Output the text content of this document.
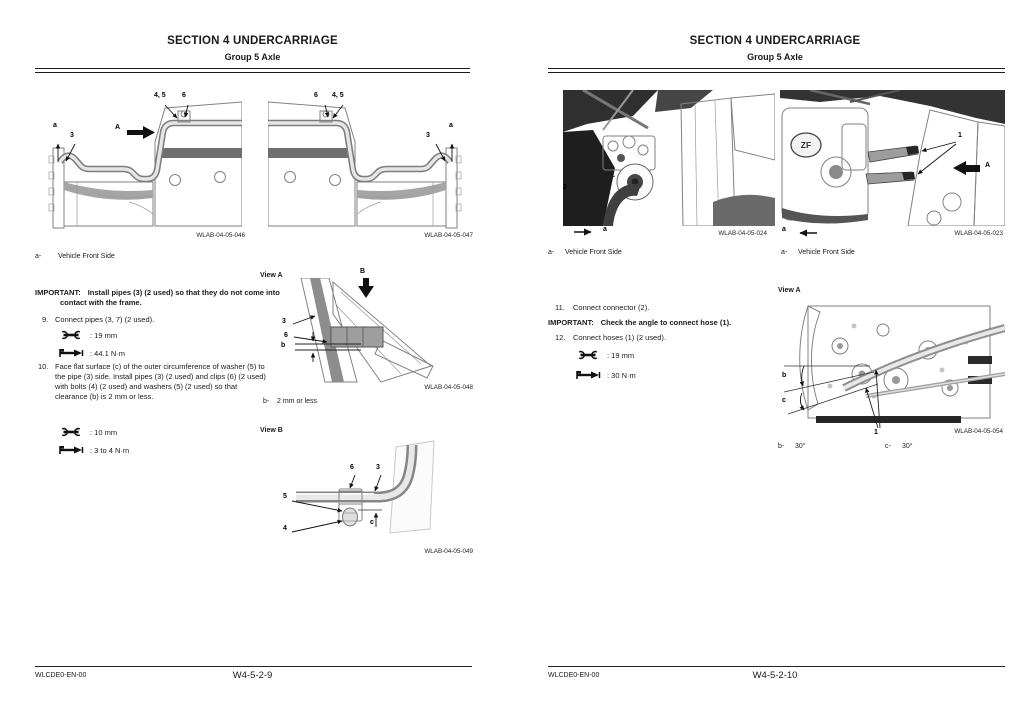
SECTION 4 UNDERCARRIAGE
Group 5 Axle
a
3
A
4, 5 6
WLAB-04-05-046
6 4, 5
3
a
WLAB-04-05-047
a- Vehicle Front Side
IMPORTANT: Install pipes (3) (2 used) so that they do not come into contact with the frame.
9. Connect pipes (3, 7) (2 used).
: 19 mm
: 44.1 N·m
10. Face flat surface (c) of the outer circumference of washer (5) to the pipe (3) side. Install pipes (3) (2 used) and clips (6) (2 used) with bolts (4) (2 used) and washers (5) (2 used) so that clearance (b) is 2 mm or less.
: 10 mm
: 3 to 4 N·m
View A
B
3
6
b
WLAB-04-05-048
b- 2 mm or less
View B
6	3
5
4
c
WLAB-04-05-049
WLCDE0-EN-00	W4-5-2-9
SECTION 4 UNDERCARRIAGE
Group 5 Axle
2
a
WLAB-04-05-024
a- Vehicle Front Side
ZF
1
A
a
WLAB-04-05-023
a- Vehicle Front Side
11.	Connect connector (2).
IMPORTANT: Check the angle to connect hose (1).
12.	Connect hoses (1) (2 used).
: 19 mm
: 30 N·m
View A
b
c
1	WLAB-04-05-054
b- 30°	c- 30°
WLCDE0-EN-00	W4-5-2-10
